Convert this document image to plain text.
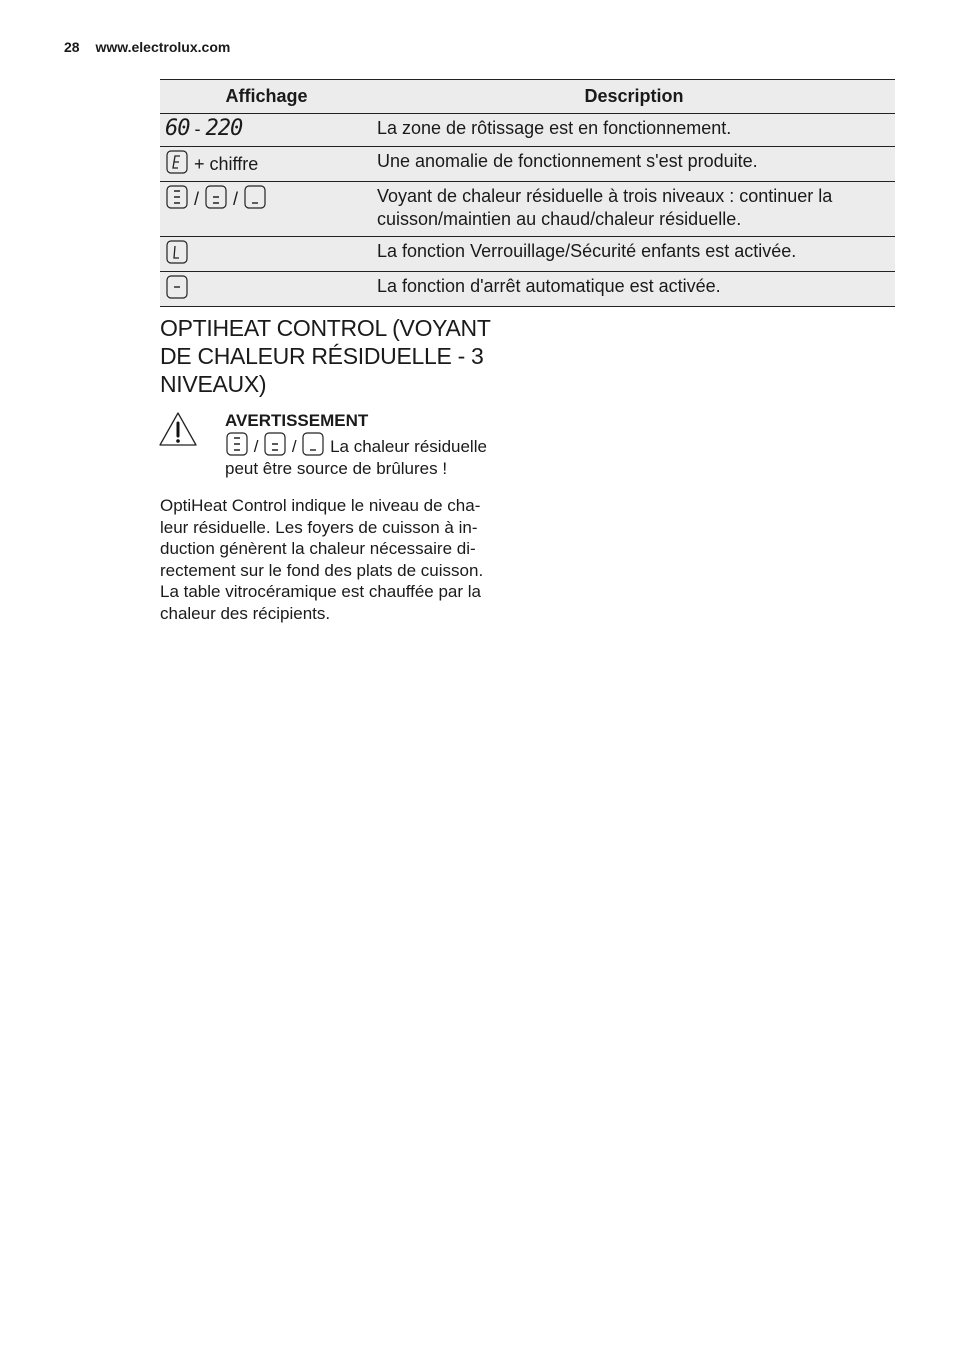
28 www.electrolux.com
Affichage	Description
60 - 220	La zone de rôtissage est en fonctionnement.
+ chiffre	Une anomalie de fonctionnement s'est produite.
/  /	Voyant de chaleur résiduelle à trois niveaux : continuer la cuisson/maintien au chaud/chaleur résiduelle.
	La fonction Verrouillage/Sécurité enfants est activée.
	La fonction d'arrêt automatique est activée.
OPTIHEAT CONTROL (VOYANT DE CHALEUR RÉSIDUELLE - 3 NIVEAUX)
AVERTISSEMENT
/  /  La chaleur résiduelle
peut être source de brûlures !
OptiHeat Control indique le niveau de cha-
leur résiduelle. Les foyers de cuisson à in-
duction génèrent la chaleur nécessaire di-
rectement sur le fond des plats de cuisson.
La table vitrocéramique est chauffée par la
chaleur des récipients.
